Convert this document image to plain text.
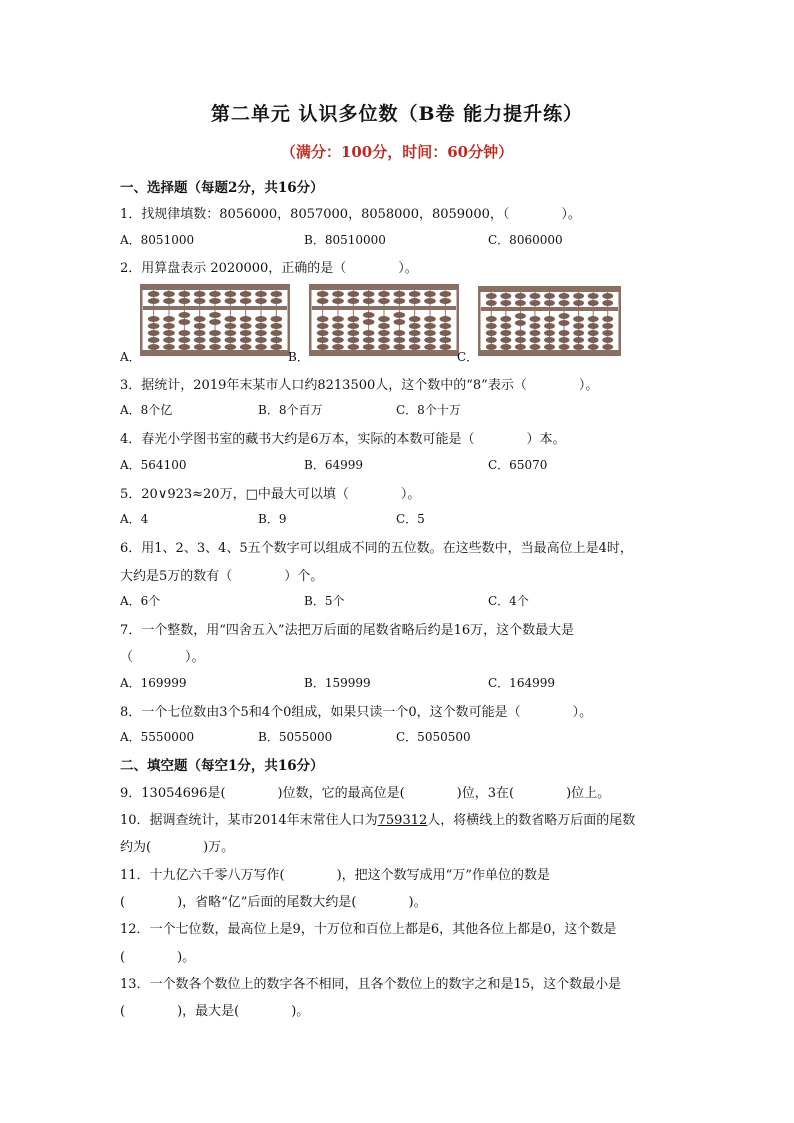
第二单元 认识多位数（B卷 能力提升练）
（满分：100分，时间：60分钟）
一、选择题（每题2分，共16分）
1．找规律填数：8056000，8057000，8058000，8059000，（　　　　）。
A．8051000	B．80510000	C．8060000
2．用算盘表示 2020000，正确的是（　　　　）。
A．	B．	C．
3．据统计，2019年末某市人口约8213500人，这个数中的“8”表示（　　　　）。
A．8个亿	B．8个百万	C．8个十万
4．春光小学图书室的藏书大约是6万本，实际的本数可能是（　　　　）本。
A．564100	B．64999	C．65070
5．20∨923≈20万，□中最大可以填（　　　　）。
A．4	B．9	C．5
6．用1、2、3、4、5五个数字可以组成不同的五位数。在这些数中，当最高位上是4时，
大约是5万的数有（　　　　）个。
A．6个	B．5个	C．4个
7．一个整数，用“四舍五入”法把万后面的尾数省略后约是16万，这个数最大是
（　　　　）。
A．169999	B．159999	C．164999
8．一个七位数由3个5和4个0组成，如果只读一个0，这个数可能是（　　　　）。
A．5550000	B．5055000	C．5050500
二、填空题（每空1分，共16分）
9．13054696是(　　　　)位数，它的最高位是(　　　　)位，3在(　　　　)位上。
10．据调查统计，某市2014年末常住人口为759312人，将横线上的数省略万后面的尾数
约为(　　　　)万。
11．十九亿六千零八万写作(　　　　)，把这个数写成用“万”作单位的数是
(　　　　)，省略“亿”后面的尾数大约是(　　　　)。
12．一个七位数，最高位上是9，十万位和百位上都是6，其他各位上都是0，这个数是
(　　　　)。
13．一个数各个数位上的数字各不相同，且各个数位上的数字之和是15，这个数最小是
(　　　　)，最大是(　　　　)。
